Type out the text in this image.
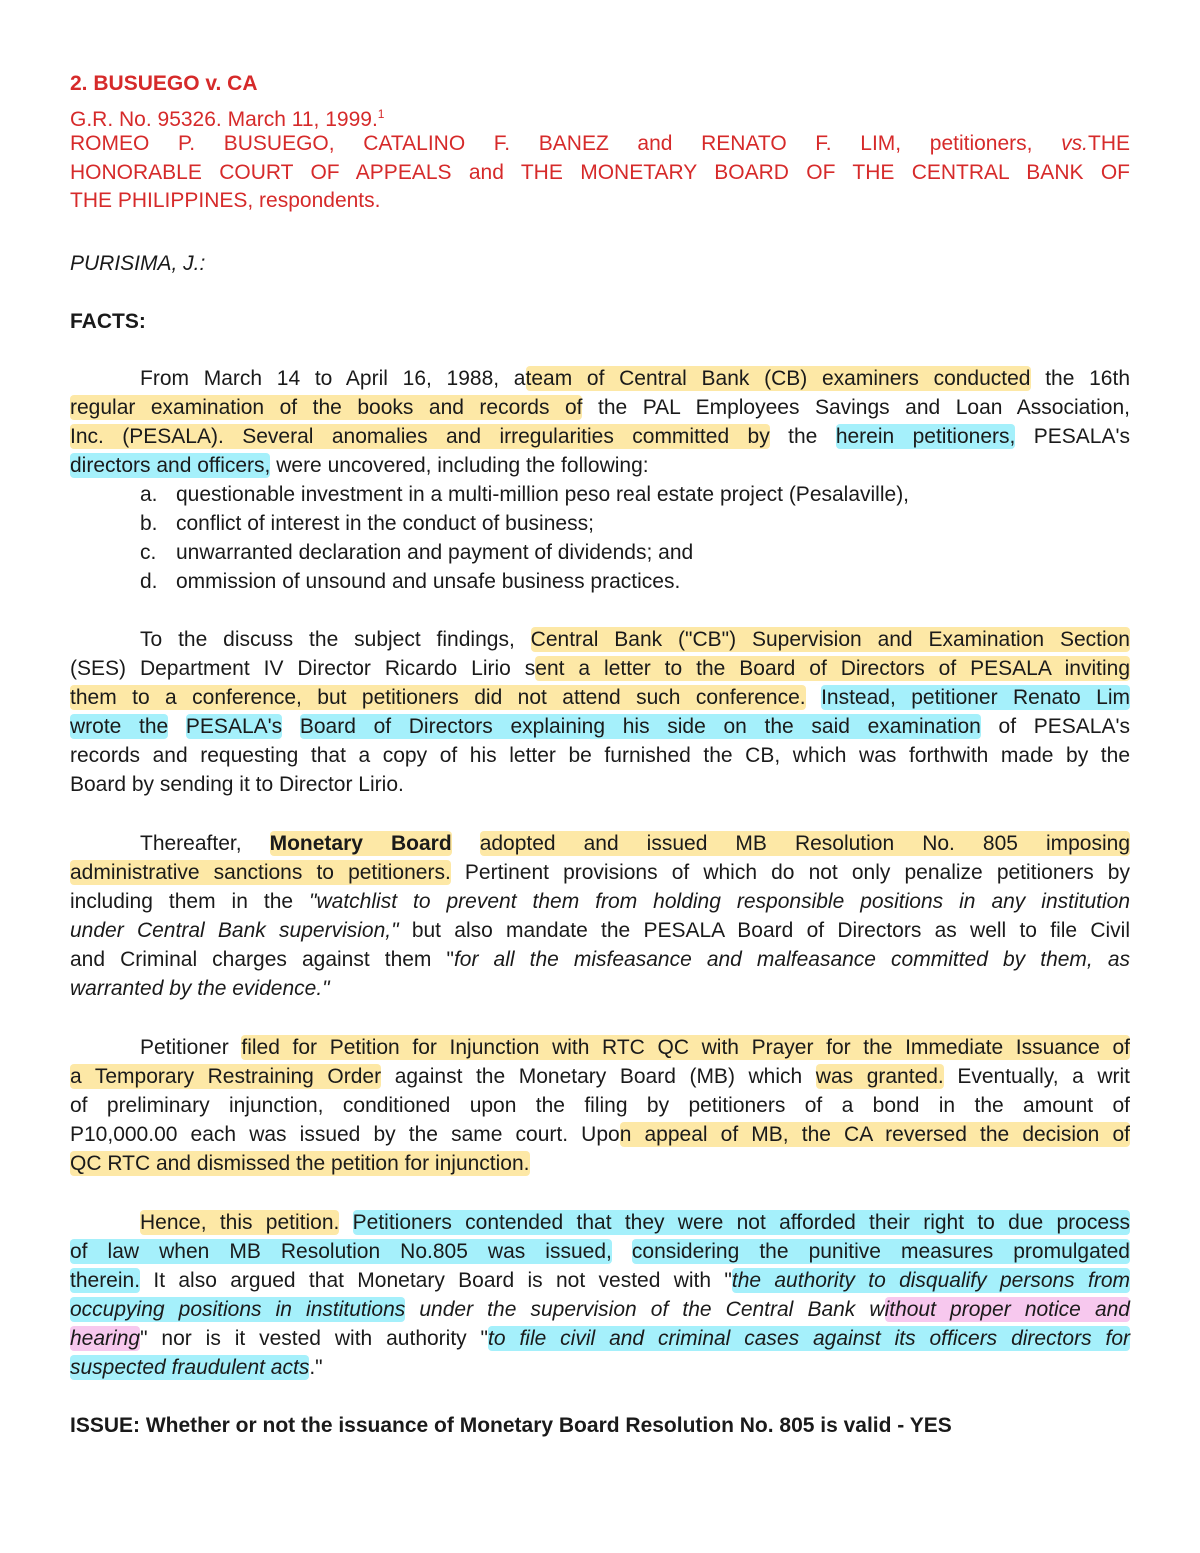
2. BUSUEGO v. CA
G.R. No. 95326. March 11, 1999.$^1$
ROMEO P. BUSUEGO, CATALINO F. BANEZ and RENATO F. LIM, petitioners, vs.THE
HONORABLE COURT OF APPEALS and THE MONETARY BOARD OF THE CENTRAL BANK OF
THE PHILIPPINES, respondents.
PURISIMA, J.:
FACTS:
From March 14 to April 16, 1988, ateam of Central Bank (CB) examiners conducted the 16th
regular examination of the books and records of the PAL Employees Savings and Loan Association,
Inc. (PESALA). Several anomalies and irregularities committed by the herein petitioners, PESALA's
directors and officers, were uncovered, including the following:
a. questionable investment in a multi-million peso real estate project (Pesalaville),
b. conflict of interest in the conduct of business;
c. unwarranted declaration and payment of dividends; and
d. ommission of unsound and unsafe business practices.
To the discuss the subject findings, Central Bank ("CB") Supervision and Examination Section
(SES) Department IV Director Ricardo Lirio sent a letter to the Board of Directors of PESALA inviting
them to a conference, but petitioners did not attend such conference. Instead, petitioner Renato Lim
wrote the PESALA's Board of Directors explaining his side on the said examination of PESALA's
records and requesting that a copy of his letter be furnished the CB, which was forthwith made by the
Board by sending it to Director Lirio.
Thereafter, Monetary Board adopted and issued MB Resolution No. 805 imposing
administrative sanctions to petitioners. Pertinent provisions of which do not only penalize petitioners by
including them in the "watchlist to prevent them from holding responsible positions in any institution
under Central Bank supervision," but also mandate the PESALA Board of Directors as well to file Civil
and Criminal charges against them "for all the misfeasance and malfeasance committed by them, as
warranted by the evidence."
Petitioner filed for Petition for Injunction with RTC QC with Prayer for the Immediate Issuance of
a Temporary Restraining Order against the Monetary Board (MB) which was granted. Eventually, a writ
of preliminary injunction, conditioned upon the filing by petitioners of a bond in the amount of
P10,000.00 each was issued by the same court. Upon appeal of MB, the CA reversed the decision of
QC RTC and dismissed the petition for injunction.
Hence, this petition. Petitioners contended that they were not afforded their right to due process
of law when MB Resolution No.805 was issued, considering the punitive measures promulgated
therein. It also argued that Monetary Board is not vested with "the authority to disqualify persons from
occupying positions in institutions under the supervision of the Central Bank without proper notice and
hearing" nor is it vested with authority "to file civil and criminal cases against its officers directors for
suspected fraudulent acts."
ISSUE: Whether or not the issuance of Monetary Board Resolution No. 805 is valid - YES
